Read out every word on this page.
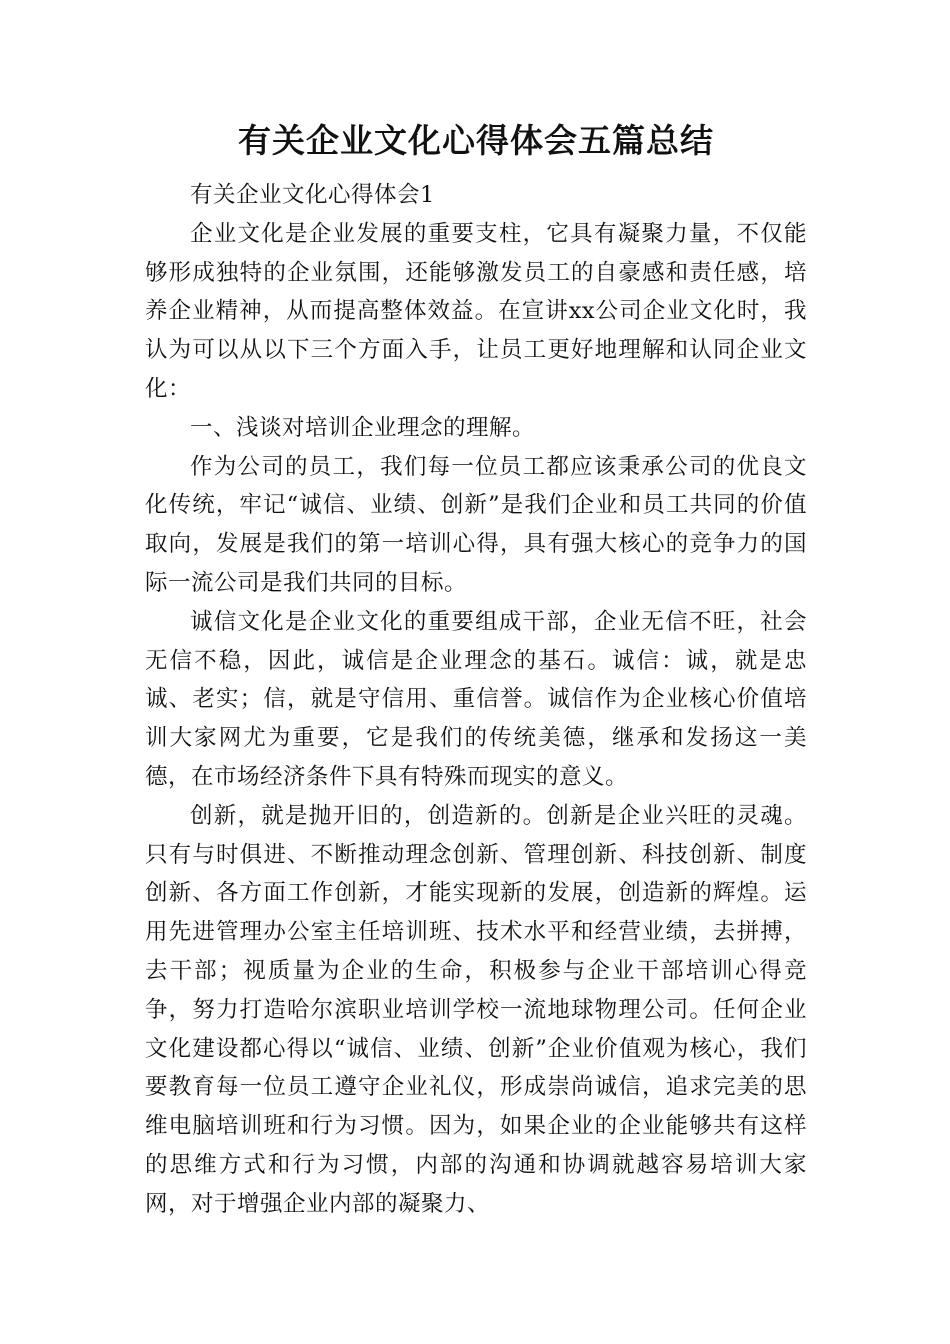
有关企业文化心得体会五篇总结

有关企业文化心得体会1

企业文化是企业发展的重要支柱，它具有凝聚力量，不仅能够形成独特的企业氛围，还能够激发员工的自豪感和责任感，培养企业精神，从而提高整体效益。在宣讲xx公司企业文化时，我认为可以从以下三个方面入手，让员工更好地理解和认同企业文化：

一、浅谈对培训企业理念的理解。

作为公司的员工，我们每一位员工都应该秉承公司的优良文化传统，牢记“诚信、业绩、创新”是我们企业和员工共同的价值取向，发展是我们的第一培训心得，具有强大核心的竞争力的国际一流公司是我们共同的目标。

诚信文化是企业文化的重要组成干部，企业无信不旺，社会无信不稳，因此，诚信是企业理念的基石。诚信：诚，就是忠诚、老实；信，就是守信用、重信誉。诚信作为企业核心价值培训大家网尤为重要，它是我们的传统美德，继承和发扬这一美德，在市场经济条件下具有特殊而现实的意义。

创新，就是抛开旧的，创造新的。创新是企业兴旺的灵魂。只有与时俱进、不断推动理念创新、管理创新、科技创新、制度创新、各方面工作创新，才能实现新的发展，创造新的辉煌。运用先进管理办公室主任培训班、技术水平和经营业绩，去拼搏，去干部；视质量为企业的生命，积极参与企业干部培训心得竞争，努力打造哈尔滨职业培训学校一流地球物理公司。任何企业文化建设都心得以“诚信、业绩、创新”企业价值观为核心，我们要教育每一位员工遵守企业礼仪，形成崇尚诚信，追求完美的思维电脑培训班和行为习惯。因为，如果企业的企业能够共有这样的思维方式和行为习惯，内部的沟通和协调就越容易培训大家网，对于增强企业内部的凝聚力、
